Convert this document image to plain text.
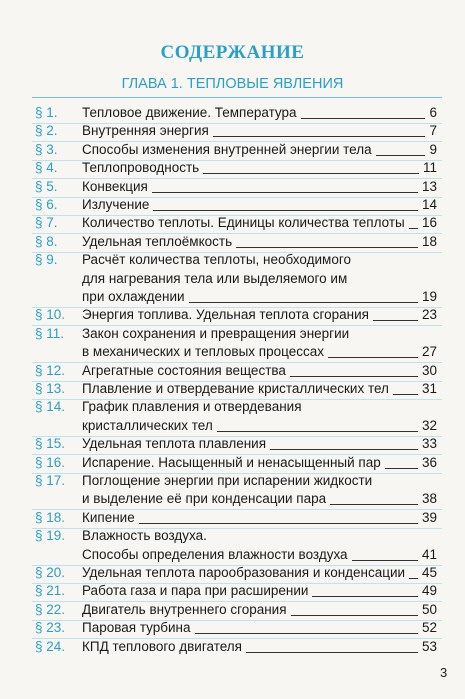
СОДЕРЖАНИЕ
ГЛАВА 1. ТЕПЛОВЫЕ ЯВЛЕНИЯ
§ 1. Тепловое движение. Температура	6
§ 2. Внутренняя энергия	7
§ 3. Способы изменения внутренней энергии тела	9
§ 4. Теплопроводность	11
§ 5. Конвекция	13
§ 6. Излучение	14
§ 7. Количество теплоты. Единицы количества теплоты 16
§ 8. Удельная теплоёмкость	18
§ 9. Расчёт количества теплоты, необходимого
для нагревания тела или выделяемого им
при охлаждении	19
§ 10. Энергия топлива. Удельная теплота сгорания	23
§ 11. Закон сохранения и превращения энергии
в механических и тепловых процессах	27
§ 12. Агрегатные состояния вещества	30
§ 13. Плавление и отвердевание кристаллических тел 31
§ 14. График плавления и отвердевания
кристаллических тел	32
§ 15. Удельная теплота плавления	33
§ 16. Испарение. Насыщенный и ненасыщенный пар	36
§ 17. Поглощение энергии при испарении жидкости
и выделение её при конденсации пара	38
§ 18. Кипение	39
§ 19. Влажность воздуха.
Способы определения влажности воздуха	41
§ 20. Удельная теплота парообразования и конденсации 45
§ 21. Работа газа и пара при расширении	49
§ 22. Двигатель внутреннего сгорания	50
§ 23. Паровая турбина	52
§ 24. КПД теплового двигателя	53
3
